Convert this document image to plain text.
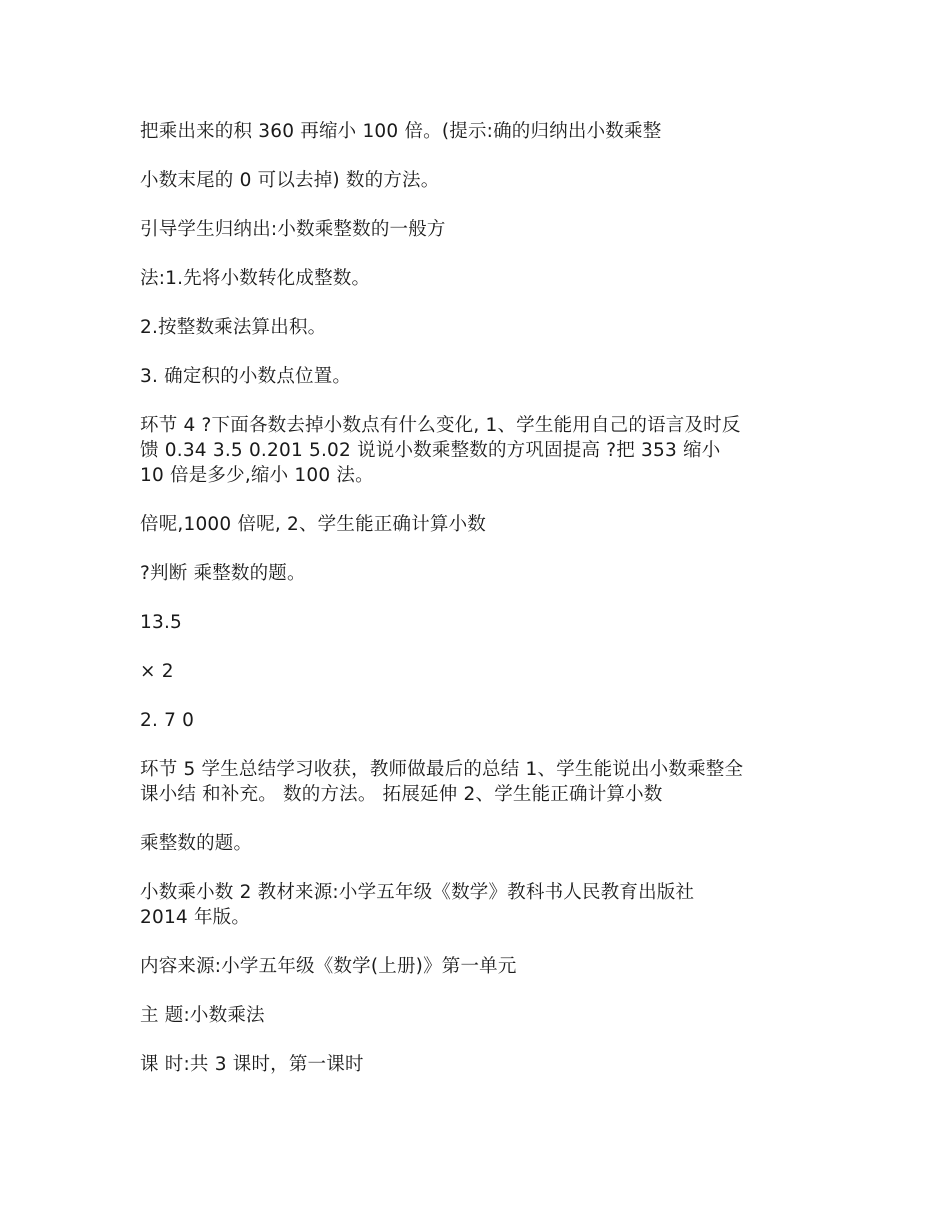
把乘出来的积 360 再缩小 100 倍。(提示:确的归纳出小数乘整

小数末尾的 0 可以去掉) 数的方法。

引导学生归纳出:小数乘整数的一般方

法:1.先将小数转化成整数。

2.按整数乘法算出积。

3. 确定积的小数点位置。

环节 4 ?下面各数去掉小数点有什么变化, 1、学生能用自己的语言及时反
馈 0.34 3.5 0.201 5.02 说说小数乘整数的方巩固提高 ?把 353 缩小
10 倍是多少,缩小 100 法。

倍呢,1000 倍呢, 2、学生能正确计算小数

?判断 乘整数的题。

13.5

× 2

2. 7 0

环节 5 学生总结学习收获，教师做最后的总结 1、学生能说出小数乘整全
课小结 和补充。 数的方法。 拓展延伸 2、学生能正确计算小数

乘整数的题。

小数乘小数 2 教材来源:小学五年级《数学》教科书人民教育出版社
2014 年版。

内容来源:小学五年级《数学(上册)》第一单元

主 题:小数乘法

课 时:共 3 课时，第一课时
